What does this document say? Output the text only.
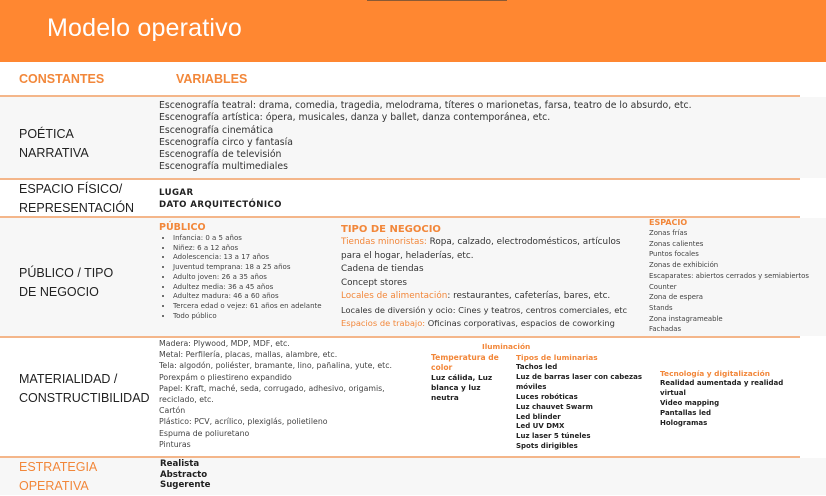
Modelo operativo
CONSTANTES	VARIABLES
POÉTICA
NARRATIVA
Escenografía teatral: drama, comedia, tragedia, melodrama, títeres o marionetas, farsa, teatro de lo absurdo, etc.
Escenografía artística: ópera, musicales, danza y ballet, danza contemporánea, etc.
Escenografía cinemática
Escenografía circo y fantasía
Escenografía de televisión
Escenografía multimediales
ESPACIO FÍSICO/
REPRESENTACIÓN
LUGAR
DATO ARQUITECTÓNICO
PÚBLICO / TIPO
DE NEGOCIO
PÚBLICO
• Infancia: 0 a 5 años
• Niñez: 6 a 12 años
• Adolescencia: 13 a 17 años
• Juventud temprana: 18 a 25 años
• Adulto joven: 26 a 35 años
• Adultez media: 36 a 45 años
• Adultez madura: 46 a 60 años
• Tercera edad o vejez: 61 años en adelante
• Todo público
TIPO DE NEGOCIO
Tiendas minoristas: Ropa, calzado, electrodomésticos, artículos para el hogar, heladerías, etc.
Cadena de tiendas
Concept stores
Locales de alimentación: restaurantes, cafeterías, bares, etc.
Locales de diversión y ocio: Cines y teatros, centros comerciales, etc
Espacios de trabajo: Oficinas corporativas, espacios de coworking
ESPACIO
Zonas frías
Zonas calientes
Puntos focales
Zonas de exhibición
Escaparates: abiertos cerrados y semiabiertos
Counter
Zona de espera
Stands
Zona instagrameable
Fachadas
MATERIALIDAD /
CONSTRUCTIBILIDAD
Madera: Plywood, MDP, MDF, etc.
Metal: Perfilería, placas, mallas, alambre, etc.
Tela: algodón, poliéster, bramante, lino, pañalina, yute, etc.
Porexpám o pliestireno expandido
Papel: Kraft, maché, seda, corrugado, adhesivo, origamis, reciclado, etc.
Cartón
Plástico: PCV, acrílico, plexiglás, polietileno
Espuma de poliuretano
Pinturas
Iluminación
Temperatura de color
Luz cálida, Luz blanca y luz neutra
Tipos de luminarias
Tachos led
Luz de barras laser con cabezas móviles
Luces robóticas
Luz chauvet Swarm
Led blinder
Led UV DMX
Luz laser 5 túneles
Spots dirigibles
Tecnología y digitalización
Realidad aumentada y realidad virtual
Video mapping
Pantallas led
Hologramas
ESTRATEGIA
OPERATIVA
Realista
Abstracto
Sugerente
